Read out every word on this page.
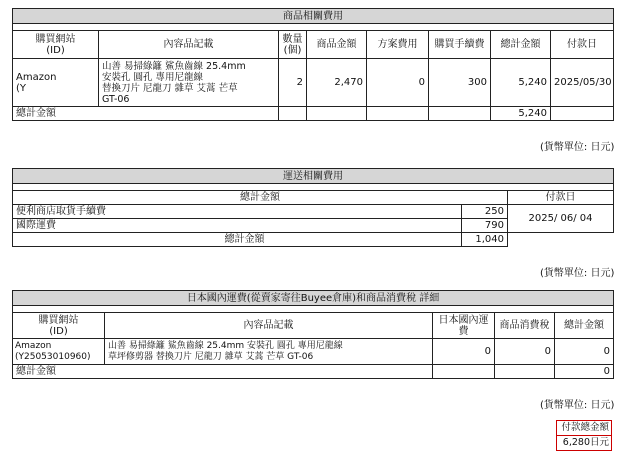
商品相關費用							

購買網站
(ID)	內容品記載	數量
(個)	商品金額	方案費用	購買手續費	總計金額	付款日
Amazon
(Y	山善 易掃綠籬 鯊魚齒線 25.4mm
安裝孔 圓孔 專用尼龍線
替換刀片 尼龍刀 雜草 艾蒿 芒草
GT-06	2	2,470	0	300	5,240	2025/05/30
總計金額						5,240	
(貨幣單位: 日元)
運送相關費用			

總計金額			付款日
便利商店取貨手續費		250	2025/ 06/ 04
國際運費		790	
	總計金額	1,040	
(貨幣單位: 日元)
日本國內運費(從賣家寄往Buyee倉庫)和商品消費稅 詳細				

購買網站
(ID)	內容品記載	日本國內運
費	商品消費稅	總計金額
Amazon
(Y25053010960)	山善 易掃綠籬 鯊魚齒線 25.4mm 安裝孔 圓孔 專用尼龍線
草坪修剪器 替換刀片 尼龍刀 雜草 艾蒿 芒草 GT-06	0	0	0
總計金額				0
(貨幣單位: 日元)
付款總金額
6,280日元
